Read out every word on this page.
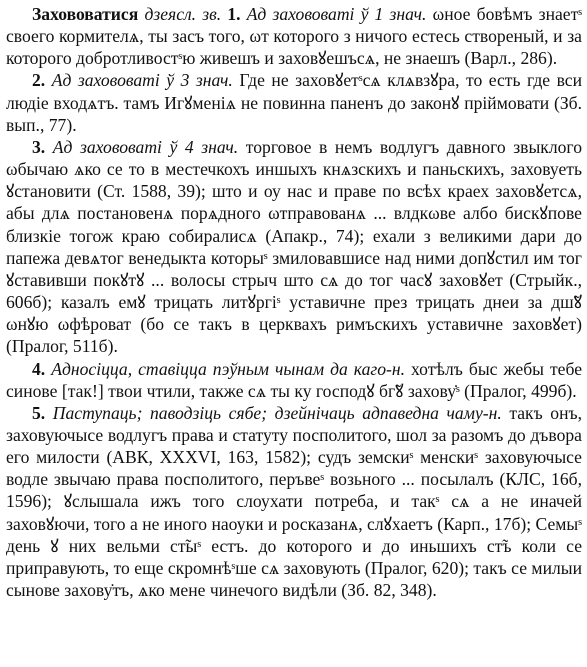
Захововатися дзеясл. зв. 1. Ад захововаті ў 1 знач. ωное бовѣмъ знаетˢ своего кормителѧ, ты засъ того, ωт которого з ничого естесь створеный, и за которого добротливостˢю живешъ и заховꙋешъсѧ, не знаешъ (Варл., 286).

2. Ад захововаті ў 3 знач. Где не заховꙋетˢсѧ клѧвзꙋра, то есть где вси людіе входѧтъ. тамъ Игꙋменіѧ не повинна паненъ до законꙋ пріймовати (Зб. вып., 77).

3. Ад захововаті ў 4 знач. торговое в немъ водлугъ давного звыклого ωбычаю ѧко се то в местечкохъ иншыхъ кнѧзскихъ и паньскихъ, заховуеть ꙋстановити (Ст. 1588, 39); што и оу нас и праве по всѣх краех заховꙋетсѧ, абы длѧ постановенѧ порѧдного ωтправованѧ ... влдкωве албо бискꙋпове близкіе тогож краю собиралисѧ (Апакр., 74); ехали з великими дари до папежа девѧтог венедыкта которыˢ змиловавшисе над ними допꙋстил им тог ꙋставивши покꙋтꙋ ... волосы стрыч што сѧ до тог часꙋ заховꙋет (Стрыйк., 606б); казалъ емꙋ трицать литꙋргіˢ уставичне през трицать днеи за дш̃ꙋ ωнꙋю ωфѣроват (бо се такъ в церквахъ римъскихъ уставичне заховꙋет) (Пралог, 511б).

4. Адносіцца, ставіцца пэўным чынам да каго-н. хотѣлъ быс жебы тебе синове [так!] твои чтили, также сѧ ты ку господꙋ бг̃ꙋ захову̇ˢ (Пралог, 499б).

5. Паступаць; паводзіць сябе; дзейнічаць адпаведна чаму-н. такъ онъ, заховуючысе водлугъ права и статуту посполитого, шол за разомъ до дъвора его милости (АВК, XXXVI, 163, 1582); судъ земскиˢ менскиˢ заховуючысе водле звычаю права посполитого, перъвеˢ возьного ... посылалъ (КЛС, 16б, 1596); ꙋслышала ижъ того слоухати потреба, и такˢ сѧ а не иначей заховꙋючи, того а не иного наоуки и росказанѧ, слꙋхаетъ (Карп., 17б); Семыˢ день ꙋ них вельми ст̃ыˢ естъ. до которого и до иньшихъ ст̃ъ коли се приправують, то еще скромнѣˢше сѧ заховують (Пралог, 620); такъ се милыи сынове захову̇тъ, ѧко мене чинечого видѣли (Зб. 82, 348).
